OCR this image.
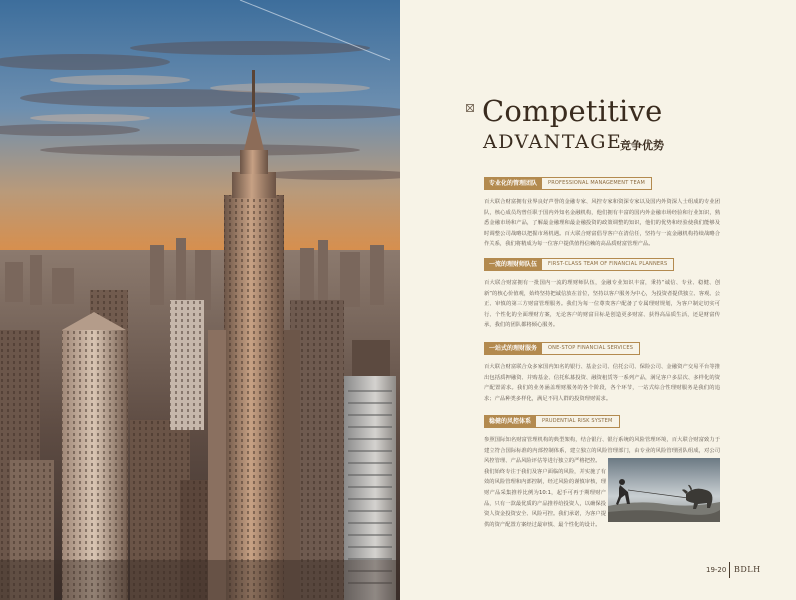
Competitive
ADVANTAGE
竞争优势
专业化的管理团队	PROFESSIONAL MANAGEMENT TEAM

百大联合财富拥有业界良好声誉的金融专家、风控专家和资深专家以及国内外资深人士组成的专业团队，核心成员均曾任职于国内外知名金融机构，他们拥有丰富的国内外金融市场经验和行业知识，熟悉金融市场和产品，了解最金融理和最金融投资的政策调整的知识，他们的优势和经验使我们能够及时调整公司战略以把握市场机遇。百大联合财富倡导客户在清信任，坚持与一流金融机构持续战略合作关系，我们将精成为每一位客户提供值得信赖的高品质财富管理产品。

一流的理财师队伍	FIRST-CLASS TEAM OF FINANCIAL PLANNERS

百大联合财富拥有一批国内一流的理财师队伍，金融专业知识丰富，秉持“诚信、专业、稳健、创新”的核心价值观，始终坚持把诚信放在首位，坚持以客户服务为中心，为投资者提供独立、客观、公正、审慎的第三方财富管理服务。我们为每一位尊贵客户配备了专属理财规划，为客户制定切实可行、个性化的全面理财方案，无论客户的财富目标是创造更多财富、获得高品质生活，还是财富传承，我们的团队都将倾心服务。

一站式的理财服务	ONE-STOP FINANCIAL SERVICES

百大联合财富联合众多家国内知名的银行、基金公司、信托公司、保险公司、金融资产交易平台等推出包括质押融资、并购基金、信托私募投资、融资租赁等一系列产品，满足客户多层次、多样化的资产配置需求。我们的业务涵盖理财服务的各个阶段，各个环节，一站式综合性理财服务是我们的追求；产品种类多样化，满足不同人群的投资理财需求。

稳健的风控体系	PRUDENTIAL RISK SYSTEM

参照国际知名财富管理机构的典型架构，结合银行、银行系统的风险管理环境，百大联合财富致力于建立符合国际标准的内部控制体系，建立独立的风险管理部门，由专业的风险管理团队组成，对公司风控管理、产品风险评估等进行独立的严格把控。

我们始终专注于我们及客户面临的风险，并实施了有效的风险管理和内部控制，经过风险的谨慎审核，理财产品采集推荐比例为10:1，起手可再于期理财产品，只有一款最优质的产品推荐给投资人，以确保投资人资金投资安全、风险可控。我们承诺，为客户提供的资产配置方案经过最审慎、最个性化的设计。

19-20 BDLH
